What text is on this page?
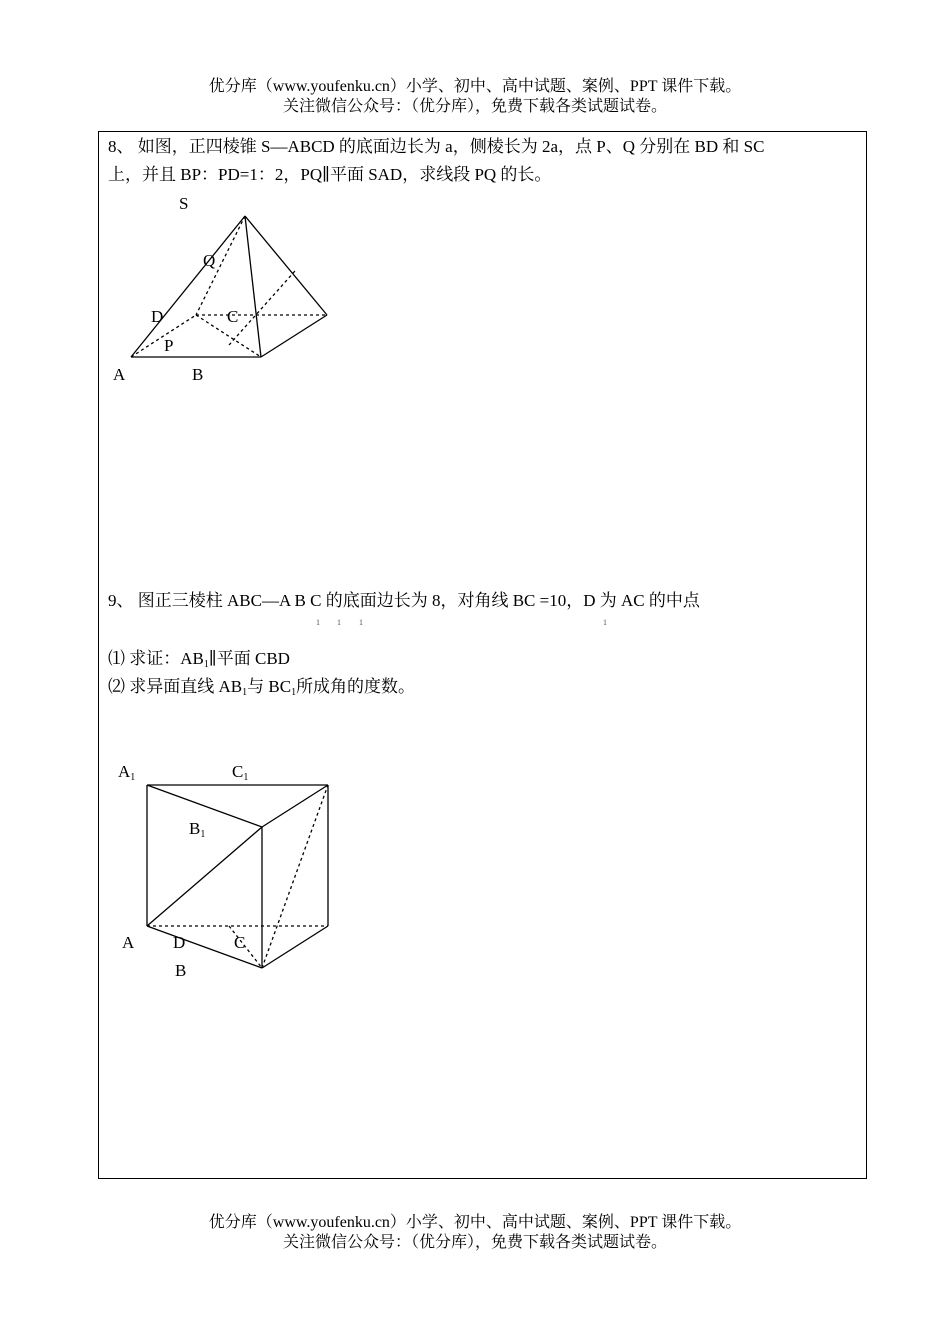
优分库（www.youfenku.cn）小学、初中、高中试题、案例、PPT 课件下载。
关注微信公众号：（优分库），免费下载各类试题试卷。
8、 如图，正四棱锥 S—ABCD 的底面边长为 a，侧棱长为 2a，点 P、Q 分别在 BD 和 SC
上，并且 BP：PD=1：2，PQ∥平面 SAD，求线段 PQ 的长。
S
Q
D	C
P
A	B
9、 图正三棱柱 ABC—A B C 的底面边长为 8，对角线 BC =10，D 为 AC 的中点
1 1 1	1
⑴ 求证：$AB_1\parallel$平面 CBD
⑵ 求异面直线 $AB_1$与 $BC_1$所成角的度数。
$A_1$	$C_1$
$B_1$
A D	C
B
优分库（www.youfenku.cn）小学、初中、高中试题、案例、PPT 课件下载。
关注微信公众号：（优分库），免费下载各类试题试卷。
